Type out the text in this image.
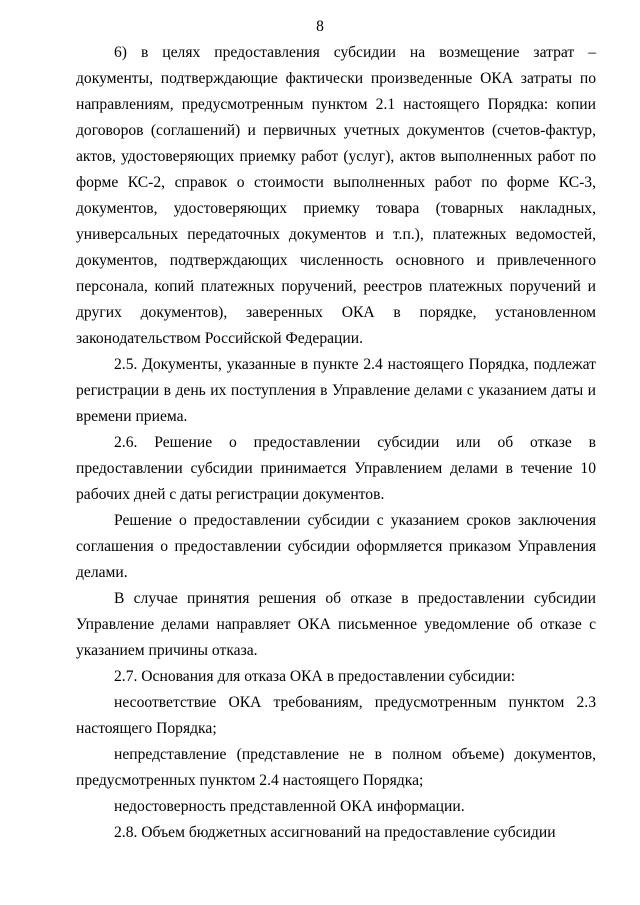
8

6) в целях предоставления субсидии на возмещение затрат – документы, подтверждающие фактически произведенные ОКА затраты по направлениям, предусмотренным пунктом 2.1 настоящего Порядка: копии договоров (соглашений) и первичных учетных документов (счетов-фактур, актов, удостоверяющих приемку работ (услуг), актов выполненных работ по форме КС-2, справок о стоимости выполненных работ по форме КС-3, документов, удостоверяющих приемку товара (товарных накладных, универсальных передаточных документов и т.п.), платежных ведомостей, документов, подтверждающих численность основного и привлеченного персонала, копий платежных поручений, реестров платежных поручений и других документов), заверенных ОКА в порядке, установленном законодательством Российской Федерации.

2.5. Документы, указанные в пункте 2.4 настоящего Порядка, подлежат регистрации в день их поступления в Управление делами с указанием даты и времени приема.

2.6. Решение о предоставлении субсидии или об отказе в предоставлении субсидии принимается Управлением делами в течение 10 рабочих дней с даты регистрации документов.

Решение о предоставлении субсидии с указанием сроков заключения соглашения о предоставлении субсидии оформляется приказом Управления делами.

В случае принятия решения об отказе в предоставлении субсидии Управление делами направляет ОКА письменное уведомление об отказе с указанием причины отказа.

2.7. Основания для отказа ОКА в предоставлении субсидии:

несоответствие ОКА требованиям, предусмотренным пунктом 2.3 настоящего Порядка;

непредставление (представление не в полном объеме) документов, предусмотренных пунктом 2.4 настоящего Порядка;

недостоверность представленной ОКА информации.

2.8. Объем бюджетных ассигнований на предоставление субсидии
